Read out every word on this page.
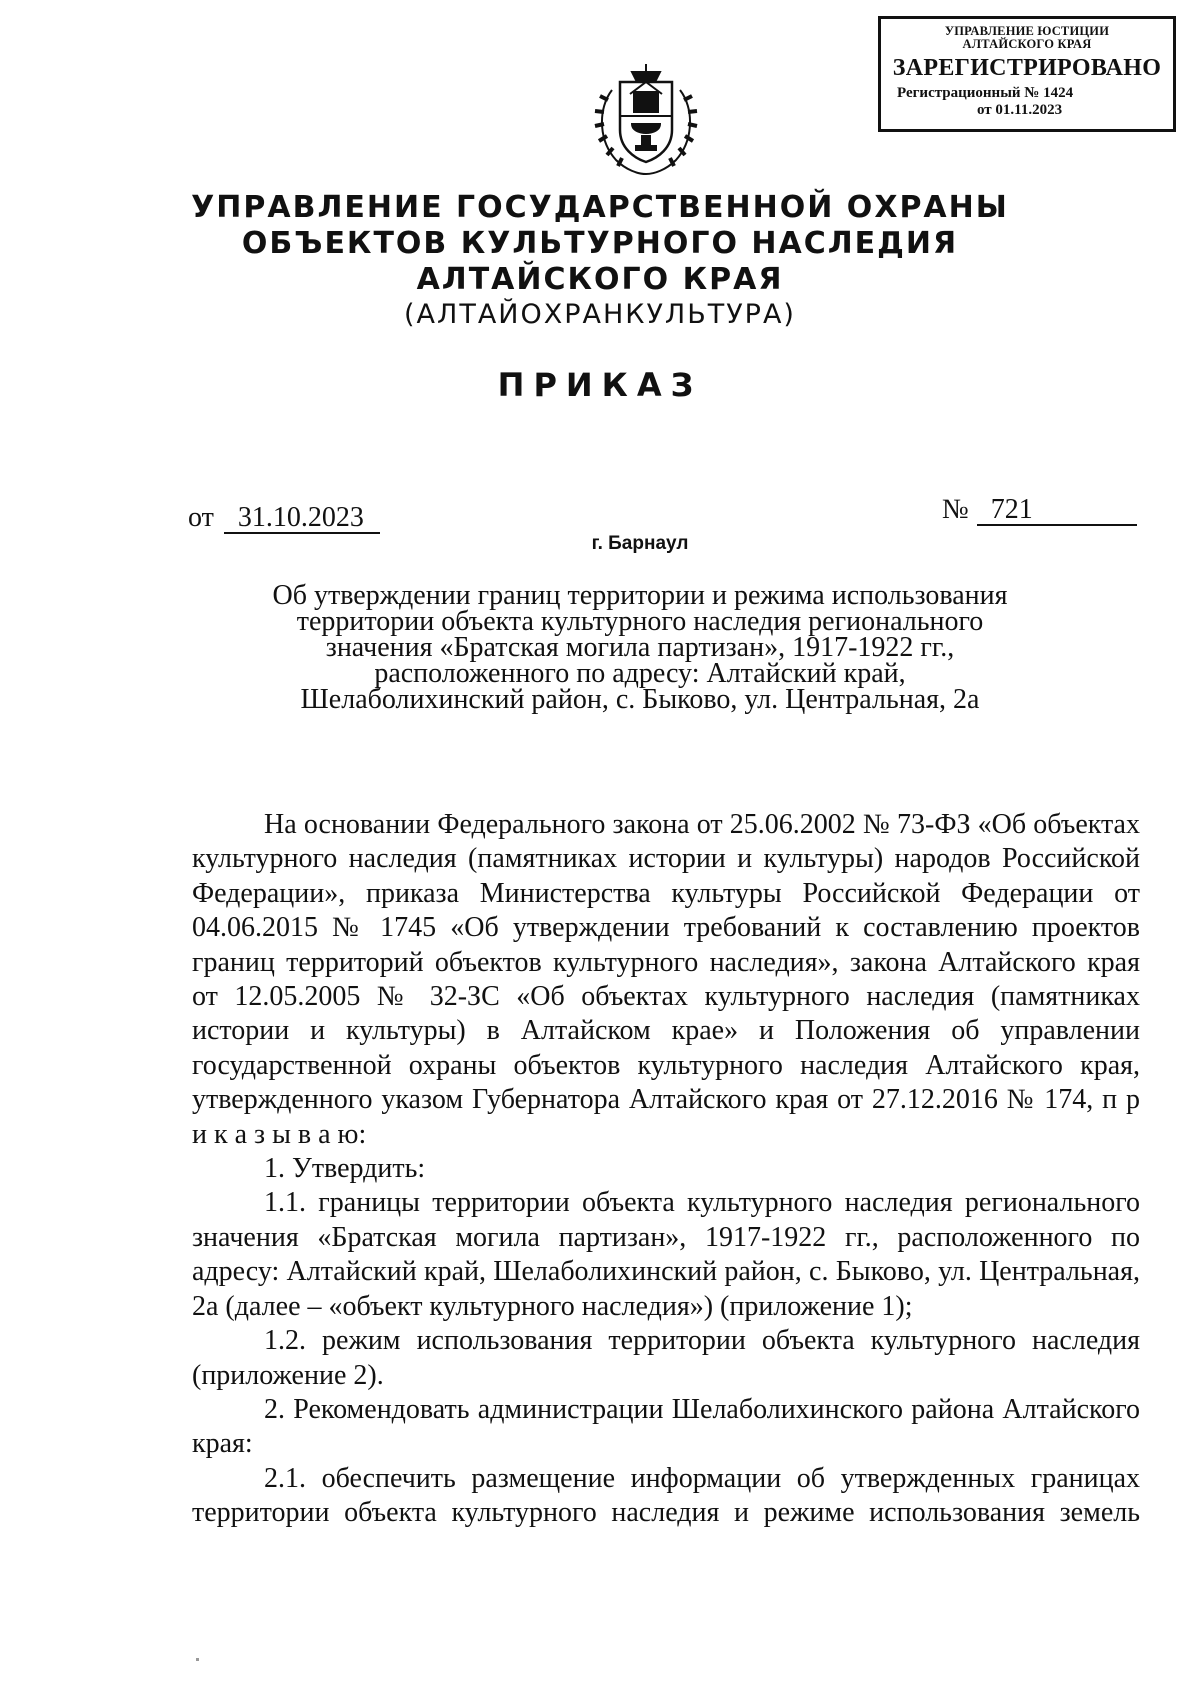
УПРАВЛЕНИЕ ЮСТИЦИИ
АЛТАЙСКОГО КРАЯ
ЗАРЕГИСТРИРОВАНО
Регистрационный № 1424
от 01.11.2023
УПРАВЛЕНИЕ ГОСУДАРСТВЕННОЙ ОХРАНЫ
ОБЪЕКТОВ КУЛЬТУРНОГО НАСЛЕДИЯ
АЛТАЙСКОГО КРАЯ
(АЛТАЙОХРАНКУЛЬТУРА)
ПРИКАЗ
от 31.10.2023	№ 721
г. Барнаул
Об утверждении границ территории и режима использования
территории объекта культурного наследия регионального
значения «Братская могила партизан», 1917-1922 гг.,
расположенного по адресу: Алтайский край,
Шелаболихинский район, с. Быково, ул. Центральная, 2а

На основании Федерального закона от 25.06.2002 № 73-ФЗ «Об объектах культурного наследия (памятниках истории и культуры) народов Российской Федерации», приказа Министерства культуры Российской Федерации от 04.06.2015 № 1745 «Об утверждении требований к составлению проектов границ территорий объектов культурного наследия», закона Алтайского края от 12.05.2005 № 32-ЗС «Об объектах культурного наследия (памятниках истории и культуры) в Алтайском крае» и Положения об управлении государственной охраны объектов культурного наследия Алтайского края, утвержденного указом Губернатора Алтайского края от 27.12.2016 № 174, п р и к а з ы в а ю:

1. Утвердить:

1.1. границы территории объекта культурного наследия регионального значения «Братская могила партизан», 1917-1922 гг., расположенного по адресу: Алтайский край, Шелаболихинский район, с. Быково, ул. Центральная, 2а (далее – «объект культурного наследия») (приложение 1);

1.2. режим использования территории объекта культурного наследия (приложение 2).

2. Рекомендовать администрации Шелаболихинского района Алтайского края:

2.1. обеспечить размещение информации об утвержденных границах территории объекта культурного наследия и режиме использования земель
